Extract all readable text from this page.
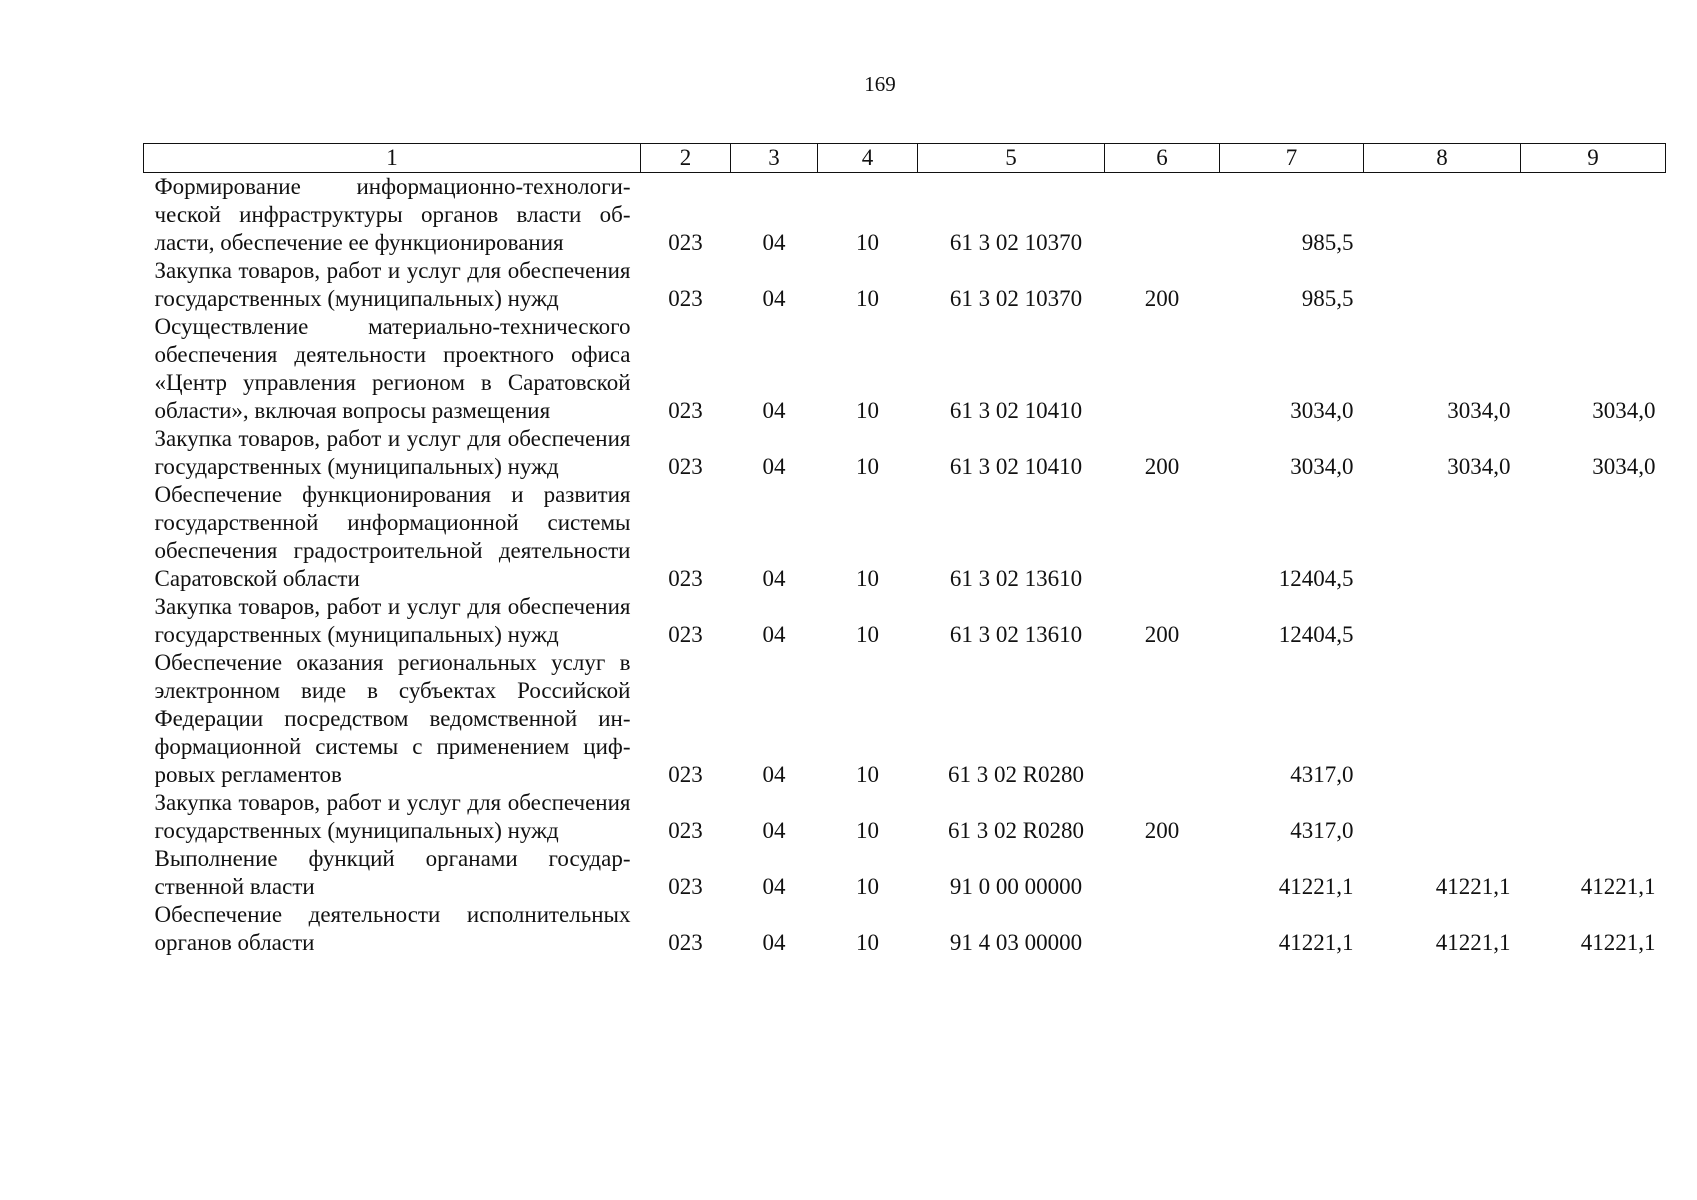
169
1	2	3	4	5	6	7	8	9
Формирование информационно-технологической инфраструктуры органов власти области, обеспечение ее функционирования	023	04	10	61 3 02 10370		985,5		
Закупка товаров, работ и услуг для обеспечения государственных (муниципальных) нужд	023	04	10	61 3 02 10370	200	985,5		
Осуществление материально-технического обеспечения деятельности проектного офиса «Центр управления регионом в Саратовской области», включая вопросы размещения	023	04	10	61 3 02 10410		3034,0	3034,0	3034,0
Закупка товаров, работ и услуг для обеспечения государственных (муниципальных) нужд	023	04	10	61 3 02 10410	200	3034,0	3034,0	3034,0
Обеспечение функционирования и развития государственной информационной системы обеспечения градостроительной деятельности Саратовской области	023	04	10	61 3 02 13610		12404,5		
Закупка товаров, работ и услуг для обеспечения государственных (муниципальных) нужд	023	04	10	61 3 02 13610	200	12404,5		
Обеспечение оказания региональных услуг в электронном виде в субъектах Российской Федерации посредством ведомственной информационной системы с применением цифровых регламентов	023	04	10	61 3 02 R0280		4317,0		
Закупка товаров, работ и услуг для обеспечения государственных (муниципальных) нужд	023	04	10	61 3 02 R0280	200	4317,0		
Выполнение функций органами государственной власти	023	04	10	91 0 00 00000		41221,1	41221,1	41221,1
Обеспечение деятельности исполнительных органов области	023	04	10	91 4 03 00000		41221,1	41221,1	41221,1
